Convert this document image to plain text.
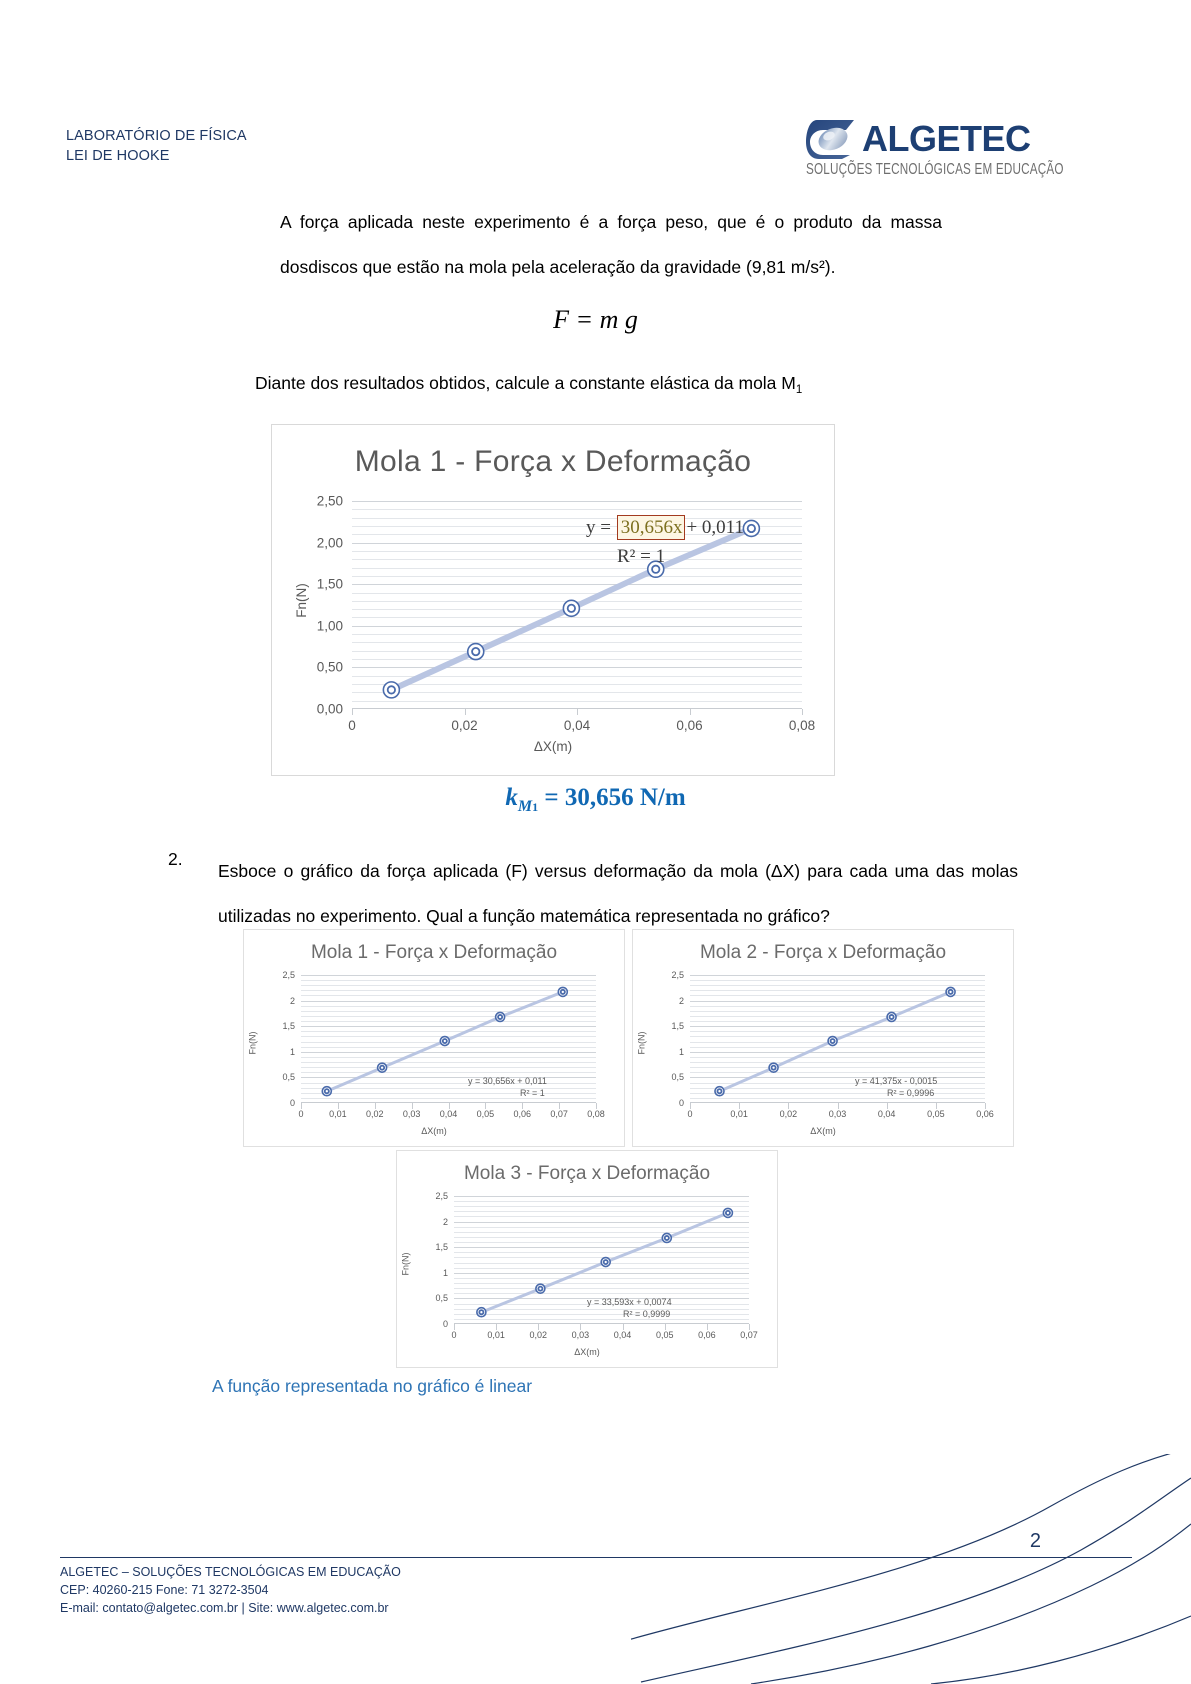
LABORATÓRIO DE FÍSICA
LEI DE HOOKE	ALGETEC
SOLUÇÕES TECNOLÓGICAS EM EDUCAÇÃO
A força aplicada neste experimento é a força peso, que é o produto da massa dosdiscos que estão na mola pela aceleração da gravidade (9,81 m/s²).
F = m g
Diante dos resultados obtidos, calcule a constante elástica da mola $M_1$
Mola 1 - Força x Deformação
0,00
0,50
1,00
1,50
2,00
2,50
0	0,02	0,04	0,06	0,08
ΔX(m)
Fn(N)
y = 30,656x + 0,011
R² = 1
$k_{M1} = 30,656$ N/m
2.
Esboce o gráfico da força aplicada (F) versus deformação da mola (ΔX) para cada uma das molas utilizadas no experimento. Qual a função matemática representada no gráfico?
Mola 1 - Força x Deformação
0
0,5
1
1,5
2
2,5
0	0,01 0,02 0,03 0,04 0,05 0,06 0,07 0,08
ΔX(m)
Fn(N)
y = 30,656x + 0,011
R² = 1
Mola 2 - Força x Deformação
0
0,5
1
1,5
2
2,5
0	0,01	0,02	0,03	0,04	0,05	0,06
ΔX(m)
Fn(N)
y = 41,375x - 0,0015
R² = 0,9996
Mola 3 - Força x Deformação
0
0,5
1
1,5
2
2,5
0	0,01	0,02	0,03	0,04	0,05	0,06	0,07
ΔX(m)
Fn(N)
y = 33,593x + 0,0074
R² = 0,9999
A função representada no gráfico é linear
ALGETEC – SOLUÇÕES TECNOLÓGICAS EM EDUCAÇÃO
CEP: 40260-215 Fone: 71 3272-3504
E-mail: contato@algetec.com.br | Site: www.algetec.com.br
2
